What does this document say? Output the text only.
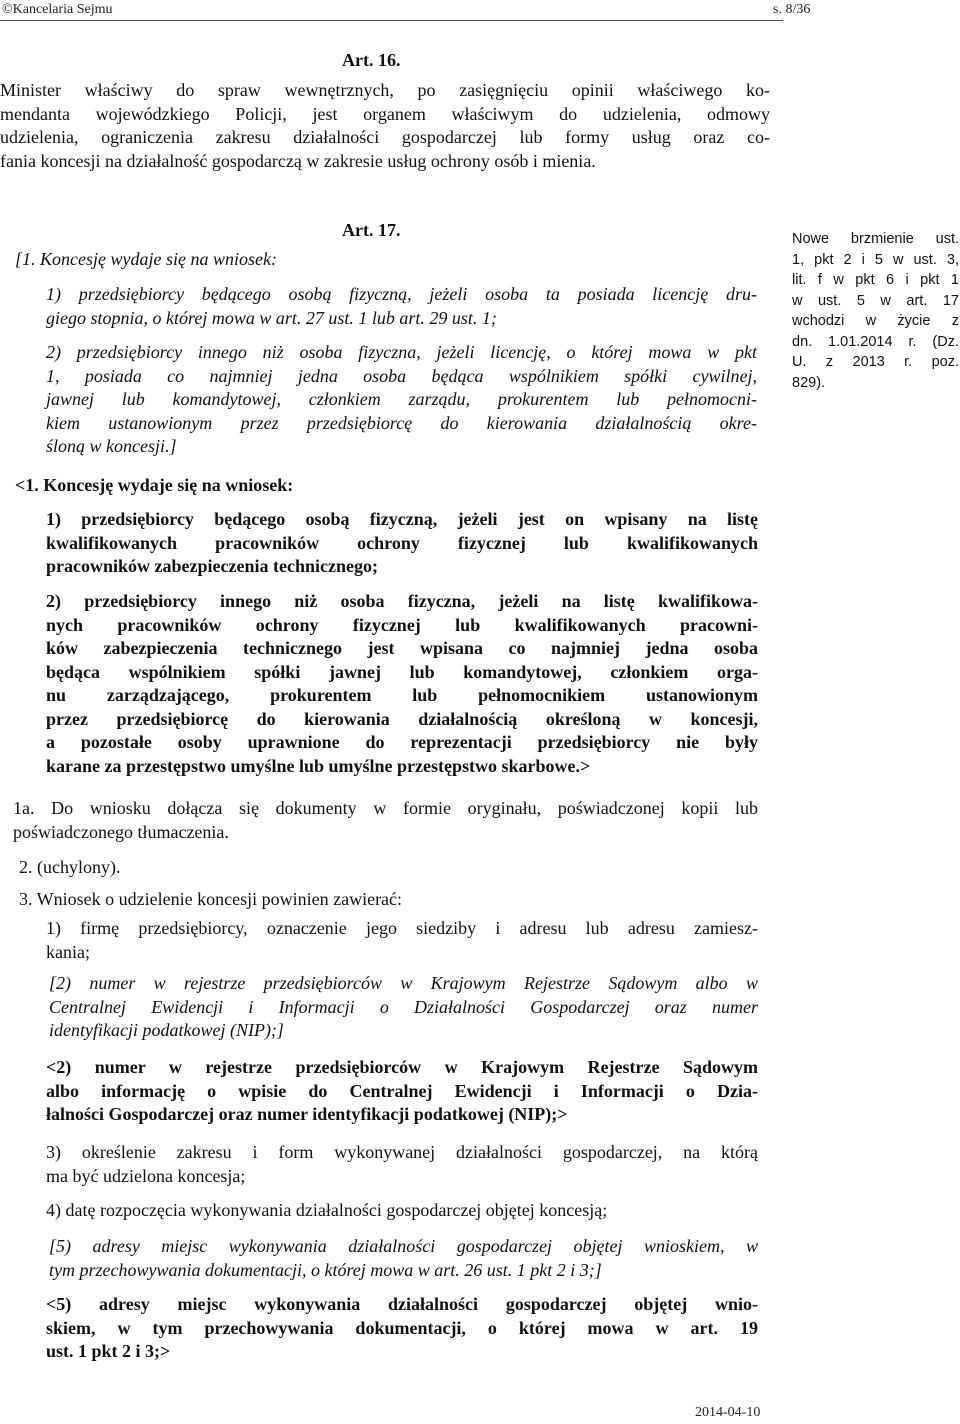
©Kancelaria Sejmu	s. 8/36
Art. 16.
Minister właściwy do spraw wewnętrznych, po zasięgnięciu opinii właściwego ko-
mendanta wojewódzkiego Policji, jest organem właściwym do udzielenia, odmowy
udzielenia, ograniczenia zakresu działalności gospodarczej lub formy usług oraz co-
fania koncesji na działalność gospodarczą w zakresie usług ochrony osób i mienia.
Art. 17.
[1. Koncesję wydaje się na wniosek:
1) przedsiębiorcy będącego osobą fizyczną, jeżeli osoba ta posiada licencję dru-
giego stopnia, o której mowa w art. 27 ust. 1 lub art. 29 ust. 1;
2) przedsiębiorcy innego niż osoba fizyczna, jeżeli licencję, o której mowa w pkt
1, posiada co najmniej jedna osoba będąca wspólnikiem spółki cywilnej,
jawnej lub komandytowej, członkiem zarządu, prokurentem lub pełnomocni-
kiem ustanowionym przez przedsiębiorcę do kierowania działalnością okre-
śloną w koncesji.]
<1. Koncesję wydaje się na wniosek:
1) przedsiębiorcy będącego osobą fizyczną, jeżeli jest on wpisany na listę
kwalifikowanych pracowników ochrony fizycznej lub kwalifikowanych
pracowników zabezpieczenia technicznego;
2) przedsiębiorcy innego niż osoba fizyczna, jeżeli na listę kwalifikowa-
nych pracowników ochrony fizycznej lub kwalifikowanych pracowni-
ków zabezpieczenia technicznego jest wpisana co najmniej jedna osoba
będąca wspólnikiem spółki jawnej lub komandytowej, członkiem orga-
nu zarządzającego, prokurentem lub pełnomocnikiem ustanowionym
przez przedsiębiorcę do kierowania działalnością określoną w koncesji,
a pozostałe osoby uprawnione do reprezentacji przedsiębiorcy nie były
karane za przestępstwo umyślne lub umyślne przestępstwo skarbowe.>
1a. Do wniosku dołącza się dokumenty w formie oryginału, poświadczonej kopii lub
poświadczonego tłumaczenia.
2. (uchylony).
3. Wniosek o udzielenie koncesji powinien zawierać:
1) firmę przedsiębiorcy, oznaczenie jego siedziby i adresu lub adresu zamiesz-
kania;
[2) numer w rejestrze przedsiębiorców w Krajowym Rejestrze Sądowym albo w
Centralnej Ewidencji i Informacji o Działalności Gospodarczej oraz numer
identyfikacji podatkowej (NIP);]
<2) numer w rejestrze przedsiębiorców w Krajowym Rejestrze Sądowym
albo informację o wpisie do Centralnej Ewidencji i Informacji o Dzia-
łalności Gospodarczej oraz numer identyfikacji podatkowej (NIP);>
3) określenie zakresu i form wykonywanej działalności gospodarczej, na którą
ma być udzielona koncesja;
4) datę rozpoczęcia wykonywania działalności gospodarczej objętej koncesją;
[5) adresy miejsc wykonywania działalności gospodarczej objętej wnioskiem, w
tym przechowywania dokumentacji, o której mowa w art. 26 ust. 1 pkt 2 i 3;]
<5) adresy miejsc wykonywania działalności gospodarczej objętej wnio-
skiem, w tym przechowywania dokumentacji, o której mowa w art. 19
ust. 1 pkt 2 i 3;>
Nowe brzmienie ust.
1, pkt 2 i 5 w ust. 3,
lit. f w pkt 6 i pkt 1
w ust. 5 w art. 17
wchodzi w życie z
dn. 1.01.2014 r. (Dz.
U. z 2013 r. poz.
829).
2014-04-10
